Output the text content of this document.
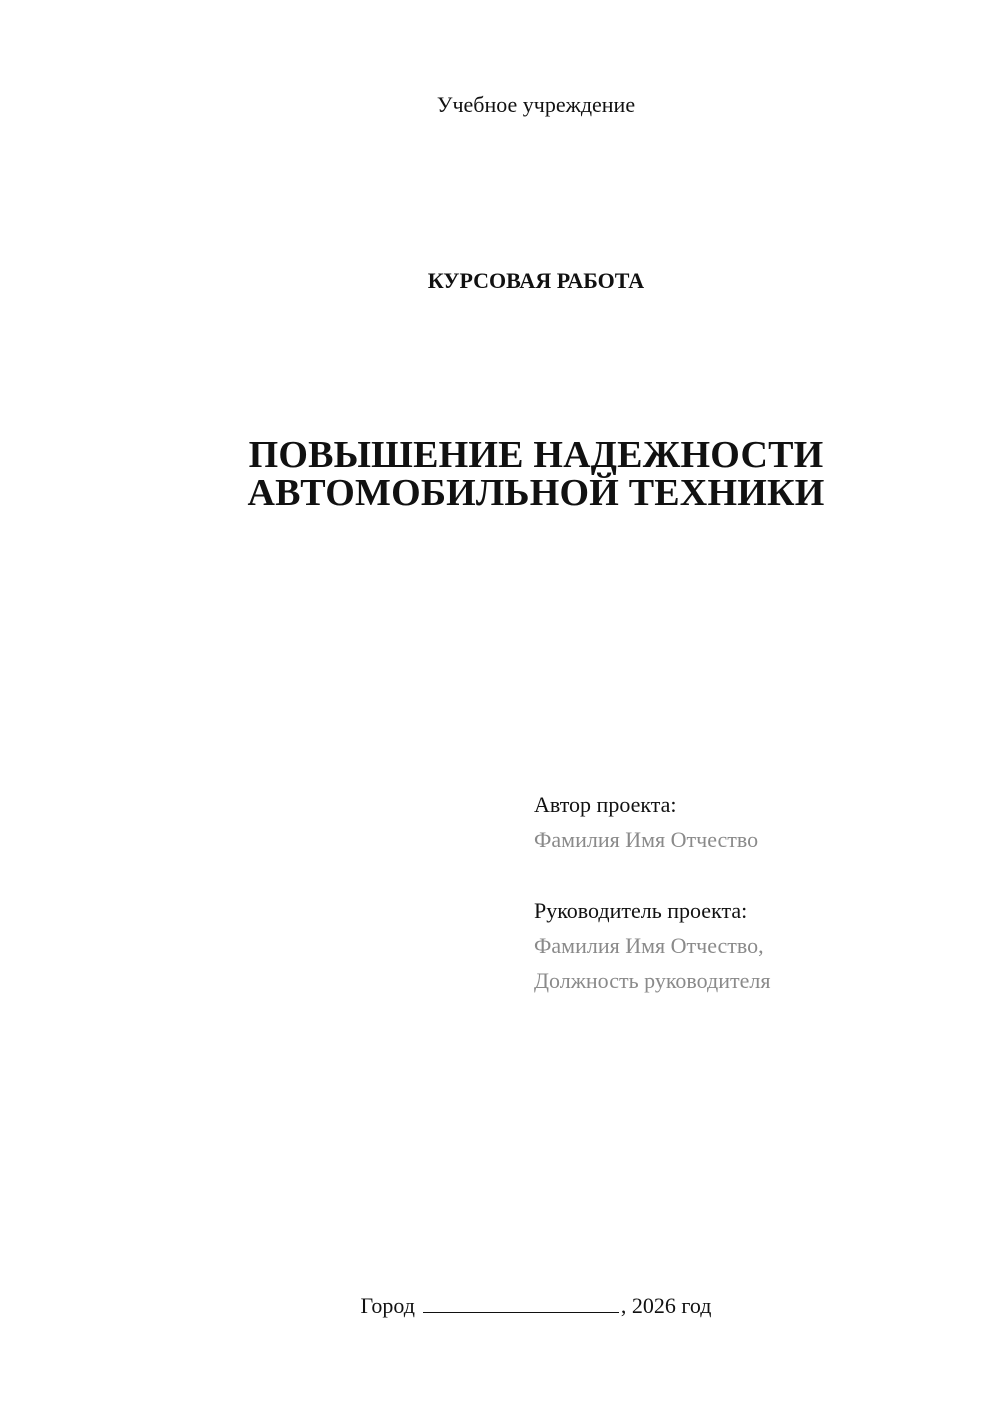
Учебное учреждение
КУРСОВАЯ РАБОТА
ПОВЫШЕНИЕ НАДЕЖНОСТИ
АВТОМОБИЛЬНОЙ ТЕХНИКИ
Автор проекта:
Фамилия Имя Отчество
Руководитель проекта:
Фамилия Имя Отчество,
Должность руководителя
Город	, 2026 год
